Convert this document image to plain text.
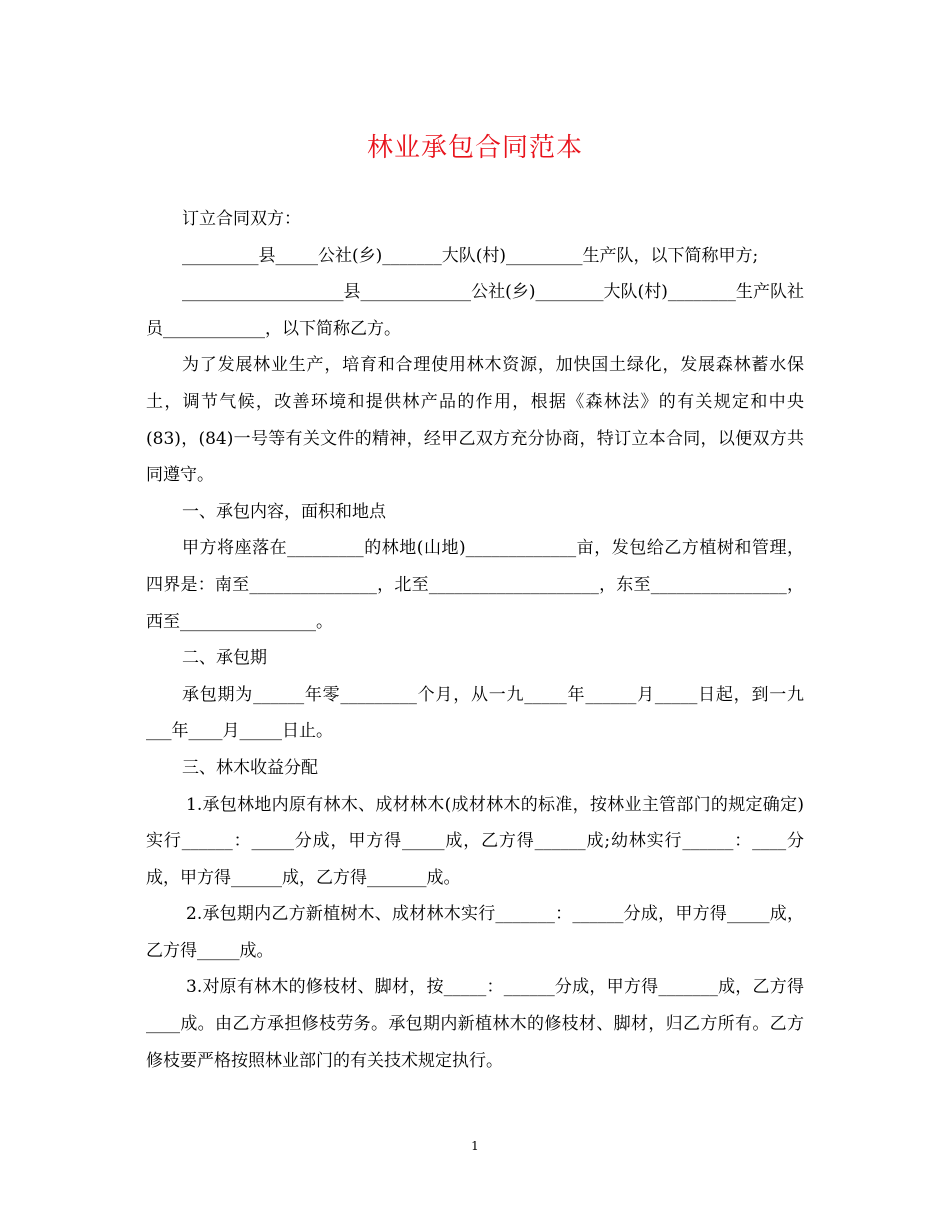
林业承包合同范本

订立合同双方：

_________县_____公社(乡)_______大队(村)_________生产队，以下简称甲方;

___________________县_____________公社(乡)________大队(村)________生产队社员____________，以下简称乙方。

为了发展林业生产，培育和合理使用林木资源，加快国土绿化，发展森林蓄水保土，调节气候，改善环境和提供林产品的作用，根据《森林法》的有关规定和中央(83)，(84)一号等有关文件的精神，经甲乙双方充分协商，特订立本合同，以便双方共同遵守。

一、承包内容，面积和地点

甲方将座落在_________的林地(山地)_____________亩，发包给乙方植树和管理，四界是：南至_______________，北至____________________，东至________________，西至________________。

二、承包期

承包期为______年零_________个月，从一九_____年______月_____日起，到一九___年____月_____日止。

三、林木收益分配

1.承包林地内原有林木、成材林木(成材林木的标准，按林业主管部门的规定确定)实行______：_____分成，甲方得_____成，乙方得______成;幼林实行______：____分成，甲方得______成，乙方得_______成。

2.承包期内乙方新植树木、成材林木实行_______：______分成，甲方得_____成，乙方得_____成。

3.对原有林木的修枝材、脚材，按_____：______分成，甲方得_______成，乙方得____成。由乙方承担修枝劳务。承包期内新植林木的修枝材、脚材，归乙方所有。乙方修枝要严格按照林业部门的有关技术规定执行。

1
